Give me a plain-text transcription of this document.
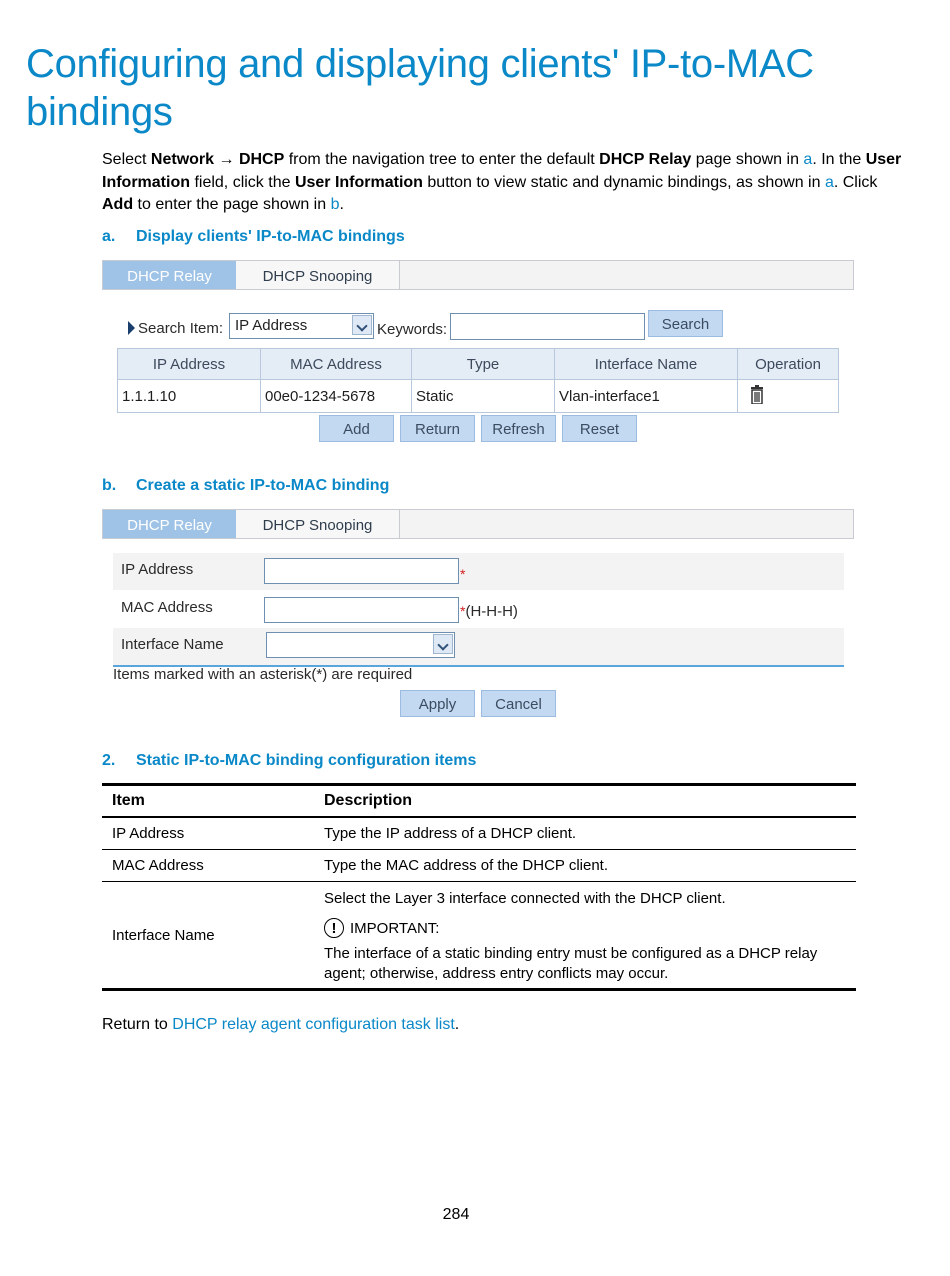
Configuring and displaying clients' IP-to-MAC bindings
Select Network → DHCP from the navigation tree to enter the default DHCP Relay page shown in a. In the User Information field, click the User Information button to view static and dynamic bindings, as shown in a. Click Add to enter the page shown in b.
a. Display clients' IP-to-MAC bindings
DHCP Relay	DHCP Snooping
Search Item: IP Address	Keywords:	Search
IP Address	MAC Address	Type	Interface Name	Operation
1.1.1.10	00e0-1234-5678	Static	Vlan-interface1	
Add	Return	Refresh	Reset
b. Create a static IP-to-MAC binding
DHCP Relay	DHCP Snooping
IP Address	*
MAC Address	*(H-H-H)
Interface Name
Items marked with an asterisk(*) are required
Apply	Cancel
2. Static IP-to-MAC binding configuration items
Item	Description
IP Address	Type the IP address of a DHCP client.
MAC Address	Type the MAC address of the DHCP client.
Interface Name	Select the Layer 3 interface connected with the DHCP client.
! IMPORTANT:
The interface of a static binding entry must be configured as a DHCP relay agent; otherwise, address entry conflicts may occur.
Return to DHCP relay agent configuration task list.
284
